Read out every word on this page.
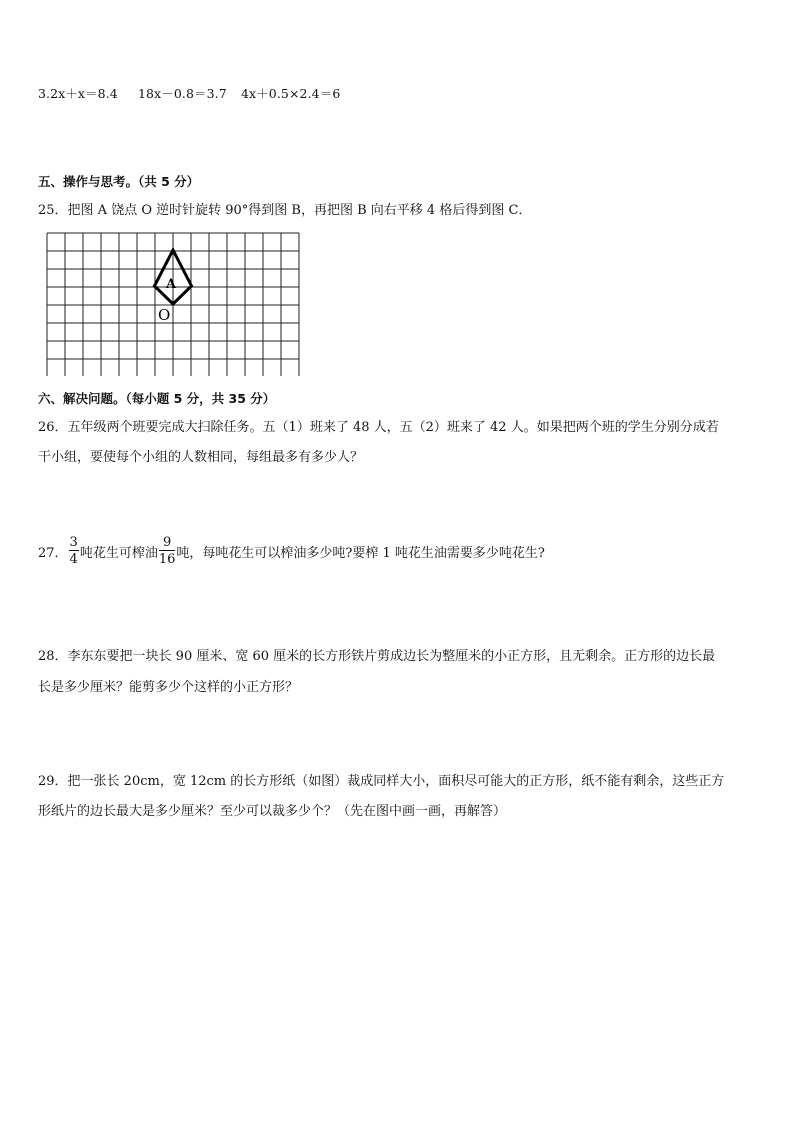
3.2x＋x＝8.4 18x－0.8＝3.7 4x＋0.5×2.4＝6
五、操作与思考。（共 5 分）
25．把图 A 饶点 O 逆时针旋转 90°得到图 B，再把图 B 向右平移 4 格后得到图 C．
A
O
六、解决问题。（每小题 5 分，共 35 分）
26．五年级两个班要完成大扫除任务。五（1）班来了 48 人，五（2）班来了 42 人。如果把两个班的学生分别分成若
干小组，要使每个小组的人数相同，每组最多有多少人？
27． $\frac{3}{4}$ 吨花生可榨油 $\frac{9}{16}$ 吨，每吨花生可以榨油多少吨?要榨 1 吨花生油需要多少吨花生?
28．李东东要把一块长 90 厘米、宽 60 厘米的长方形铁片剪成边长为整厘米的小正方形，且无剩余。正方形的边长最
长是多少厘米？能剪多少个这样的小正方形？
29．把一张长 20cm，宽 12cm 的长方形纸（如图）裁成同样大小，面积尽可能大的正方形，纸不能有剩余，这些正方
形纸片的边长最大是多少厘米？至少可以裁多少个？（先在图中画一画，再解答）
